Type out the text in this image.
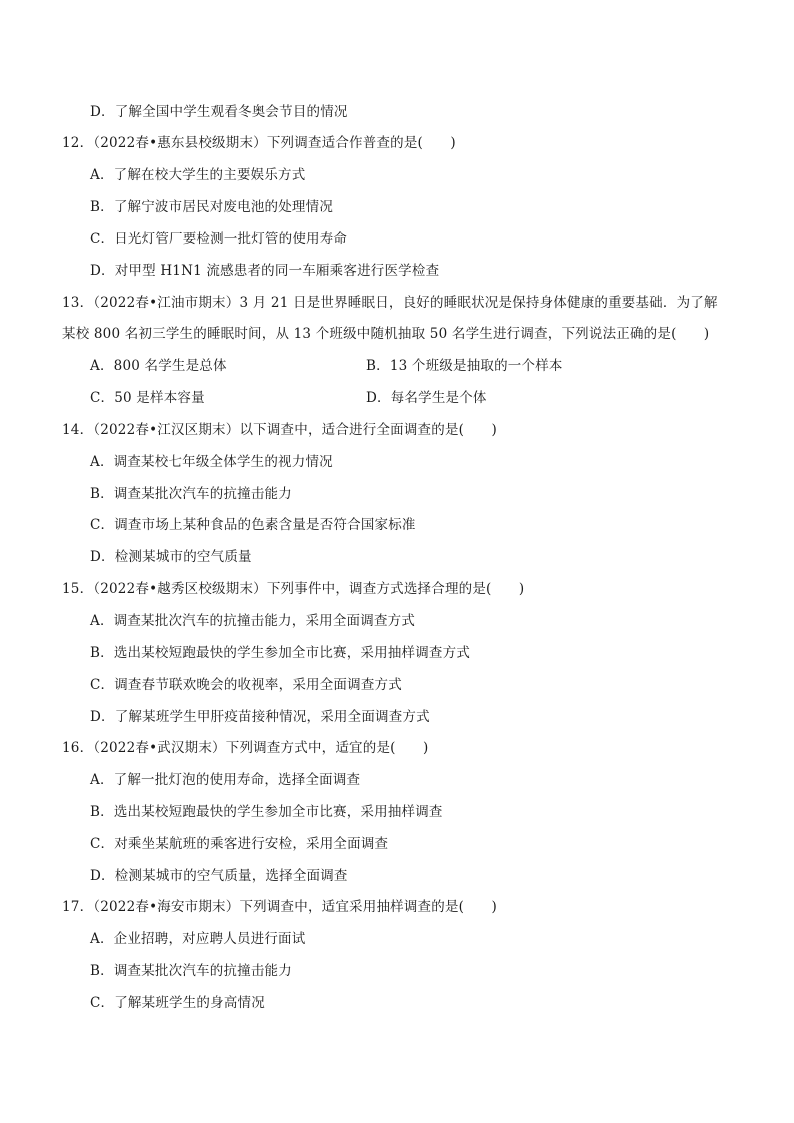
D．了解全国中学生观看冬奥会节目的情况
12．（2022春•惠东县校级期末）下列调查适合作普查的是(　　)
A．了解在校大学生的主要娱乐方式
B．了解宁波市居民对废电池的处理情况
C．日光灯管厂要检测一批灯管的使用寿命
D．对甲型 H1N1 流感患者的同一车厢乘客进行医学检查
13．（2022春•江油市期末）3 月 21 日是世界睡眠日，良好的睡眠状况是保持身体健康的重要基础．为了解
某校 800 名初三学生的睡眠时间，从 13 个班级中随机抽取 50 名学生进行调查，下列说法正确的是(　　)
A．800 名学生是总体	B．13 个班级是抽取的一个样本
C．50 是样本容量	D．每名学生是个体
14．（2022春•江汉区期末）以下调查中，适合进行全面调查的是(　　)
A．调查某校七年级全体学生的视力情况
B．调查某批次汽车的抗撞击能力
C．调查市场上某种食品的色素含量是否符合国家标准
D．检测某城市的空气质量
15．（2022春•越秀区校级期末）下列事件中，调查方式选择合理的是(　　)
A．调查某批次汽车的抗撞击能力，采用全面调查方式
B．选出某校短跑最快的学生参加全市比赛，采用抽样调查方式
C．调查春节联欢晚会的收视率，采用全面调查方式
D．了解某班学生甲肝疫苗接种情况，采用全面调查方式
16．（2022春•武汉期末）下列调查方式中，适宜的是(　　)
A．了解一批灯泡的使用寿命，选择全面调查
B．选出某校短跑最快的学生参加全市比赛，采用抽样调查
C．对乘坐某航班的乘客进行安检，采用全面调查
D．检测某城市的空气质量，选择全面调查
17．（2022春•海安市期末）下列调查中，适宜采用抽样调查的是(　　)
A．企业招聘，对应聘人员进行面试
B．调查某批次汽车的抗撞击能力
C．了解某班学生的身高情况
